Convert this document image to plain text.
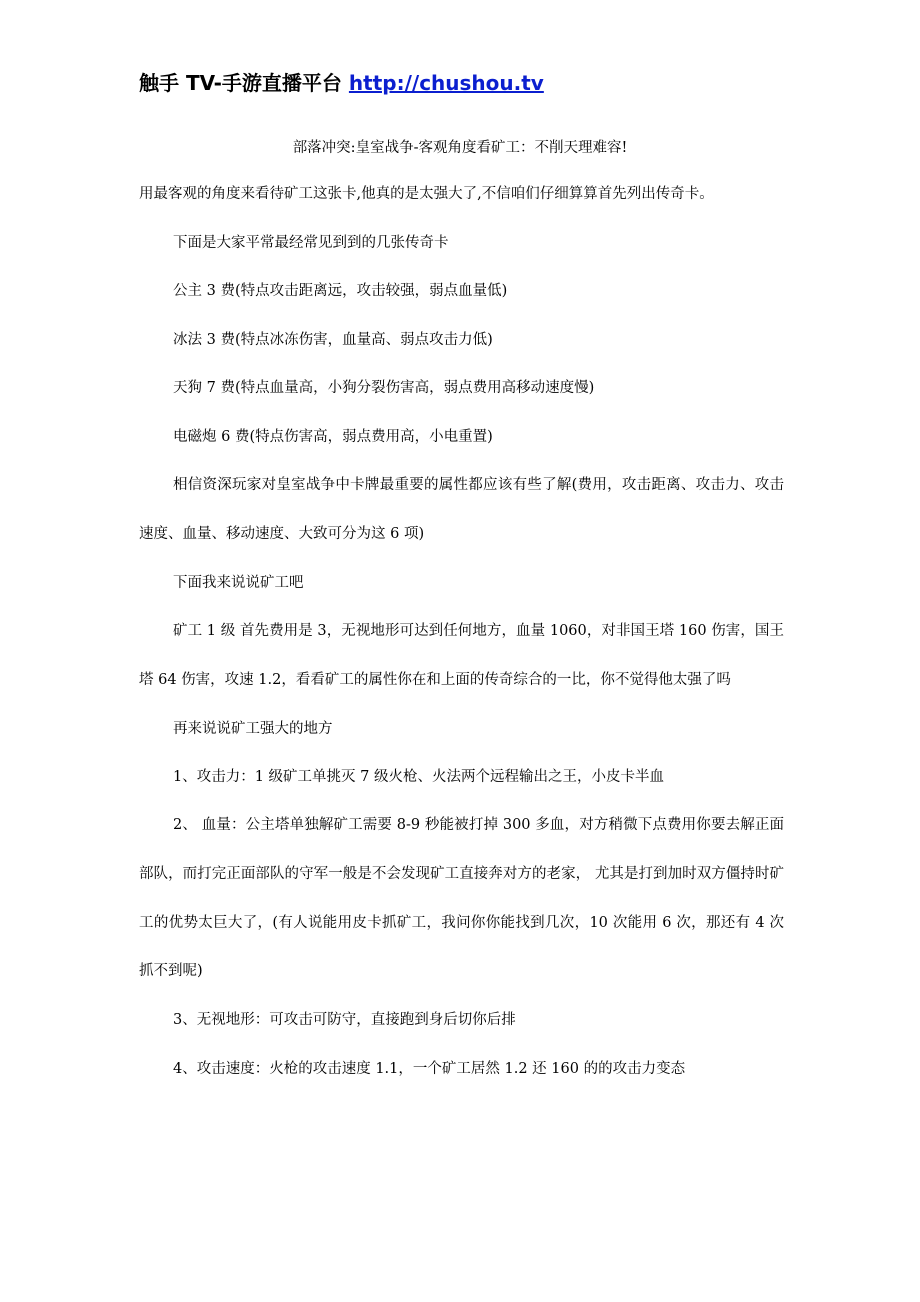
触手 TV-手游直播平台 http://chushou.tv
部落冲突:皇室战争-客观角度看矿工：不削天理难容!

用最客观的角度来看待矿工这张卡,他真的是太强大了,不信咱们仔细算算首先列出传奇卡。

下面是大家平常最经常见到到的几张传奇卡

公主 3 费(特点攻击距离远，攻击较强，弱点血量低)

冰法 3 费(特点冰冻伤害，血量高、弱点攻击力低)

天狗 7 费(特点血量高，小狗分裂伤害高，弱点费用高移动速度慢)

电磁炮 6 费(特点伤害高，弱点费用高，小电重置)

相信资深玩家对皇室战争中卡牌最重要的属性都应该有些了解(费用，攻击距离、攻击力、攻击速度、血量、移动速度、大致可分为这 6 项)

下面我来说说矿工吧

矿工 1 级 首先费用是 3，无视地形可达到任何地方，血量 1060，对非国王塔 160 伤害，国王塔 64 伤害，攻速 1.2，看看矿工的属性你在和上面的传奇综合的一比，你不觉得他太强了吗

再来说说矿工强大的地方

1、攻击力：1 级矿工单挑灭 7 级火枪、火法两个远程输出之王，小皮卡半血

2、 血量：公主塔单独解矿工需要 8-9 秒能被打掉 300 多血，对方稍微下点费用你要去解正面部队，而打完正面部队的守军一般是不会发现矿工直接奔对方的老家， 尤其是打到加时双方僵持时矿工的优势太巨大了，(有人说能用皮卡抓矿工，我问你你能找到几次，10 次能用 6 次，那还有 4 次抓不到呢)

3、无视地形：可攻击可防守，直接跑到身后切你后排

4、攻击速度：火枪的攻击速度 1.1，一个矿工居然 1.2 还 160 的的攻击力变态
